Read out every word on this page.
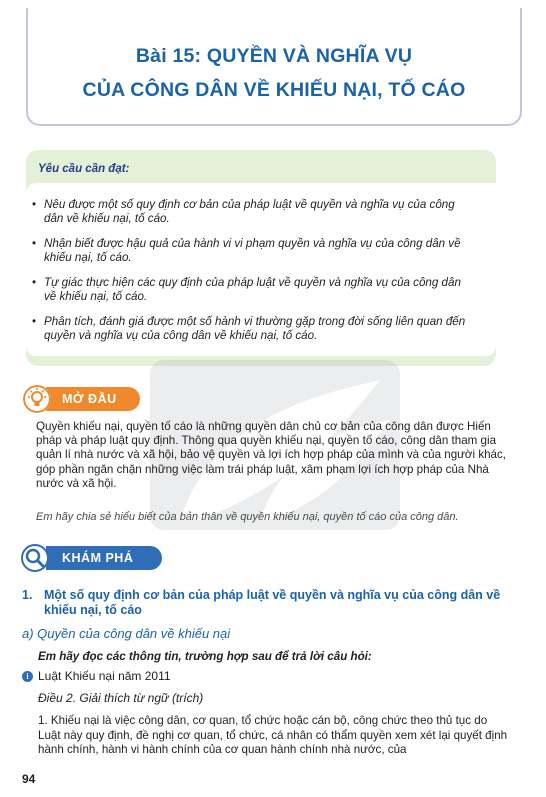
Bài 15: QUYỀN VÀ NGHĨA VỤ
CỦA CÔNG DÂN VỀ KHIẾU NẠI, TỐ CÁO
Yêu cầu cần đạt:
• Nêu được một số quy định cơ bản của pháp luật về quyền và nghĩa vụ của công dân về khiếu nại, tố cáo.
• Nhận biết được hậu quả của hành vi vi phạm quyền và nghĩa vụ của công dân về khiếu nại, tố cáo.
• Tự giác thực hiện các quy định của pháp luật về quyền và nghĩa vụ của công dân về khiếu nại, tố cáo.
• Phân tích, đánh giá được một số hành vi thường gặp trong đời sống liên quan đến quyền và nghĩa vụ của công dân về khiếu nại, tố cáo.
MỞ ĐẦU
Quyền khiếu nại, quyền tố cáo là những quyền dân chủ cơ bản của công dân được Hiến pháp và pháp luật quy định. Thông qua quyền khiếu nại, quyền tố cáo, công dân tham gia quản lí nhà nước và xã hội, bảo vệ quyền và lợi ích hợp pháp của mình và của người khác, góp phần ngăn chặn những việc làm trái pháp luật, xâm phạm lợi ích hợp pháp của Nhà nước và xã hội.
Em hãy chia sẻ hiểu biết của bản thân về quyền khiếu nại, quyền tố cáo của công dân.
KHÁM PHÁ
1. Một số quy định cơ bản của pháp luật về quyền và nghĩa vụ của công dân về khiếu nại, tố cáo
a) Quyền của công dân về khiếu nại
Em hãy đọc các thông tin, trường hợp sau để trả lời câu hỏi:
i Luật Khiếu nại năm 2011
Điều 2. Giải thích từ ngữ (trích)
1. Khiếu nại là việc công dân, cơ quan, tổ chức hoặc cán bộ, công chức theo thủ tục do Luật này quy định, đề nghị cơ quan, tổ chức, cá nhân có thẩm quyền xem xét lại quyết định hành chính, hành vi hành chính của cơ quan hành chính nhà nước, của
94
